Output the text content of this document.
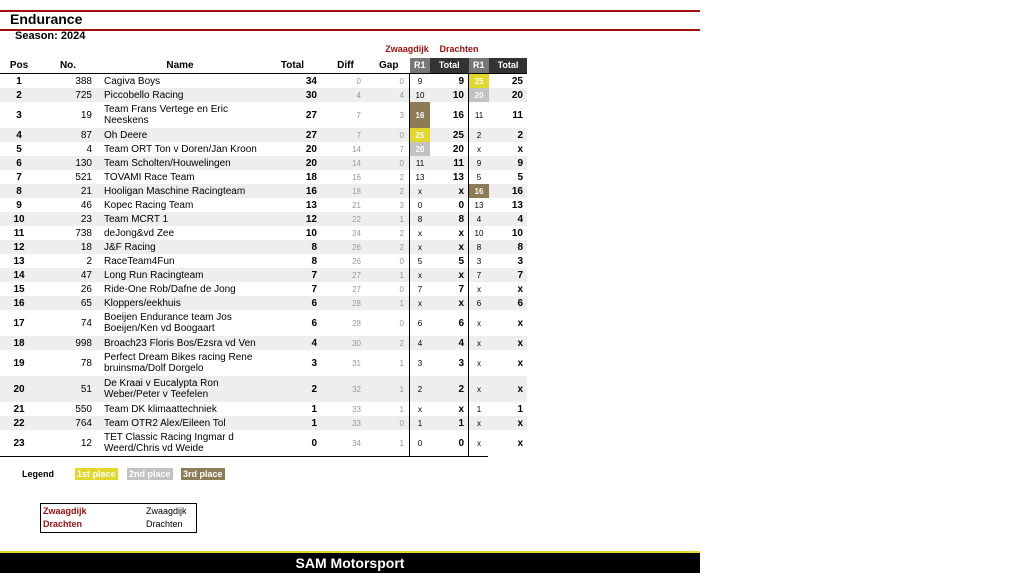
Endurance
Season: 2024
Zwaagdijk	Drachten
Pos	No.	Name	Total	Diff	Gap	R1	Total	R1	Total
1	388	Cagiva Boys	34	0	0	9	9	25	25
2	725	Piccobello Racing	30	4	4	10	10	20	20
3	19	Team Frans Vertege en Eric Neeskens	27	7	3	16	16	11	11
4	87	Oh Deere	27	7	0	25	25	2	2
5	4	Team ORT Ton v Doren/Jan Kroon	20	14	7	20	20	x	x
6	130	Team Scholten/Houwelingen	20	14	0	11	11	9	9
7	521	TOVAMI Race Team	18	16	2	13	13	5	5
8	21	Hooligan Maschine Racingteam	16	18	2	x	x	16	16
9	46	Kopec Racing Team	13	21	3	0	0	13	13
10	23	Team MCRT 1	12	22	1	8	8	4	4
11	738	deJong&vd Zee	10	24	2	x	x	10	10
12	18	J&F Racing	8	26	2	x	x	8	8
13	2	RaceTeam4Fun	8	26	0	5	5	3	3
14	47	Long Run Racingteam	7	27	1	x	x	7	7
15	26	Ride-One Rob/Dafne de Jong	7	27	0	7	7	x	x
16	65	Kloppers/eekhuis	6	28	1	x	x	6	6
17	74	Boeijen Endurance team Jos Boeijen/Ken vd Boogaart	6	28	0	6	6	x	x
18	998	Broach23 Floris Bos/Ezsra vd Ven	4	30	2	4	4	x	x
19	78	Perfect Dream Bikes racing Rene bruinsma/Dolf Dorgelo	3	31	1	3	3	x	x
20	51	De Kraai v Eucalypta Ron Weber/Peter v Teefelen	2	32	1	2	2	x	x
21	550	Team DK klimaattechniek	1	33	1	x	x	1	1
22	764	Team OTR2 Alex/Eileen Tol	1	33	0	1	1	x	x
23	12	TET Classic Racing Ingmar d Weerd/Chris vd Weide	0	34	1	0	0	x	x
Legend	1st place 2nd place 3rd place
Zwaagdijk	Zwaagdijk
Drachten	Drachten
SAM Motorsport
